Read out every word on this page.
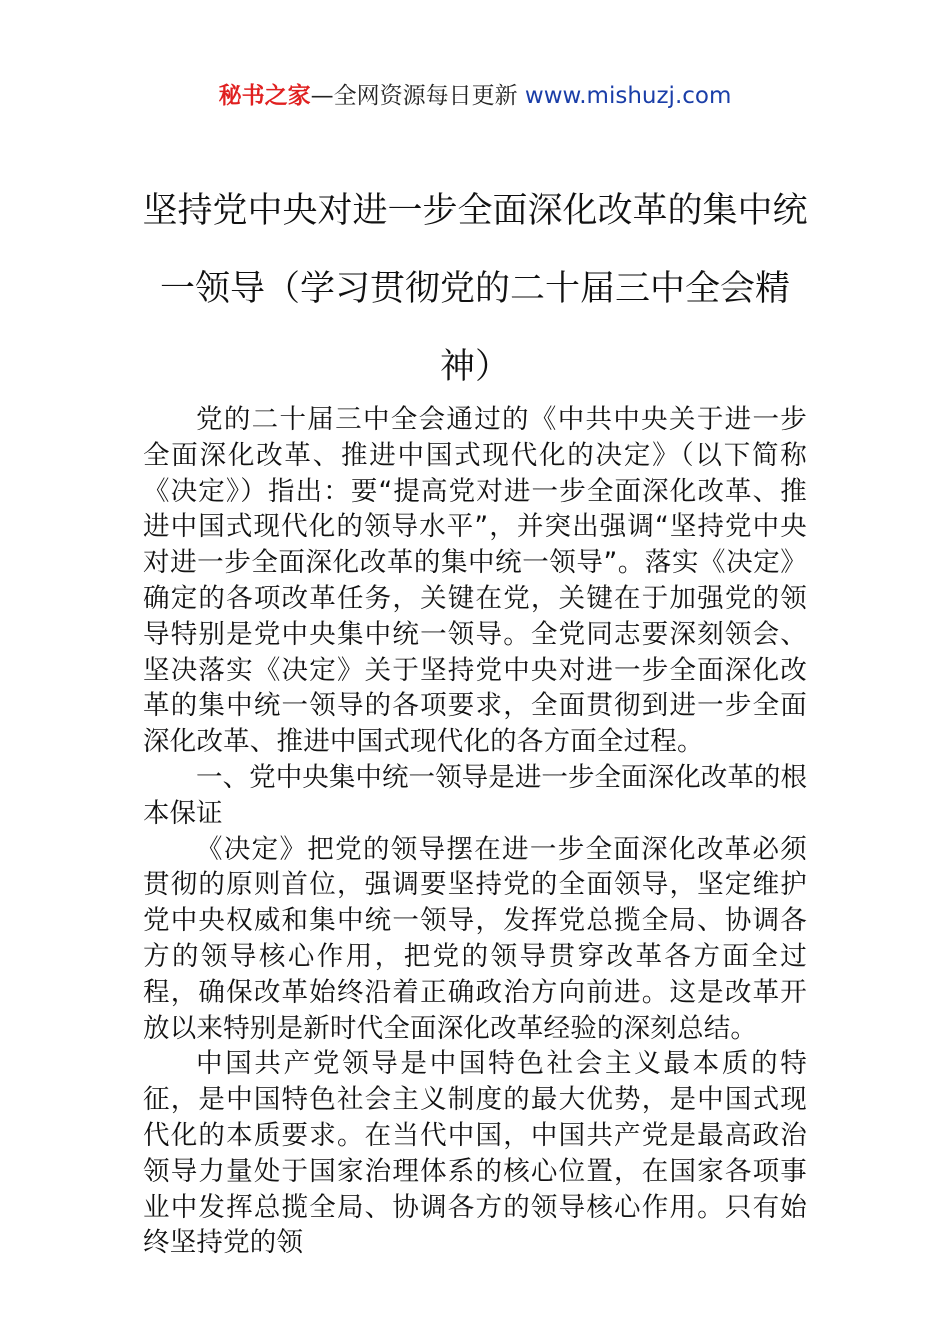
秘书之家—全网资源每日更新 www.mishuzj.com
坚持党中央对进一步全面深化改革的集中统一领导（学习贯彻党的二十届三中全会精神）

党的二十届三中全会通过的《中共中央关于进一步全面深化改革、推进中国式现代化的决定》（以下简称《决定》）指出：要“提高党对进一步全面深化改革、推进中国式现代化的领导水平”，并突出强调“坚持党中央对进一步全面深化改革的集中统一领导”。落实《决定》确定的各项改革任务，关键在党，关键在于加强党的领导特别是党中央集中统一领导。全党同志要深刻领会、坚决落实《决定》关于坚持党中央对进一步全面深化改革的集中统一领导的各项要求，全面贯彻到进一步全面深化改革、推进中国式现代化的各方面全过程。

一、党中央集中统一领导是进一步全面深化改革的根本保证

《决定》把党的领导摆在进一步全面深化改革必须贯彻的原则首位，强调要坚持党的全面领导，坚定维护党中央权威和集中统一领导，发挥党总揽全局、协调各方的领导核心作用，把党的领导贯穿改革各方面全过程，确保改革始终沿着正确政治方向前进。这是改革开放以来特别是新时代全面深化改革经验的深刻总结。

中国共产党领导是中国特色社会主义最本质的特征，是中国特色社会主义制度的最大优势，是中国式现代化的本质要求。在当代中国，中国共产党是最高政治领导力量处于国家治理体系的核心位置，在国家各项事业中发挥总揽全局、协调各方的领导核心作用。只有始终坚持党的领
